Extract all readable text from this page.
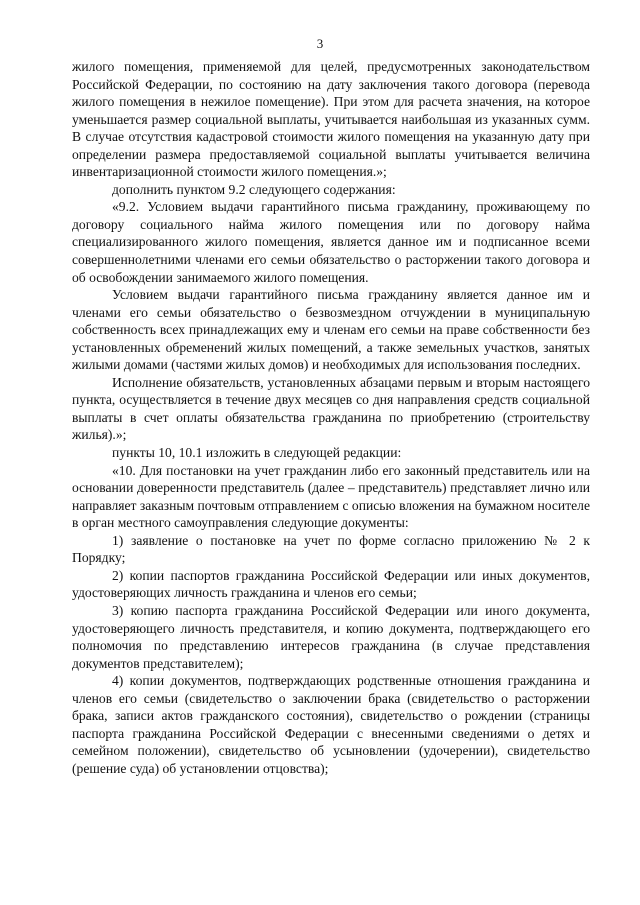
3

жилого помещения, применяемой для целей, предусмотренных законодательством Российской Федерации, по состоянию на дату заключения такого договора (перевода жилого помещения в нежилое помещение). При этом для расчета значения, на которое уменьшается размер социальной выплаты, учитывается наибольшая из указанных сумм. В случае отсутствия кадастровой стоимости жилого помещения на указанную дату при определении размера предоставляемой социальной выплаты учитывается величина инвентаризационной стоимости жилого помещения.»;

дополнить пунктом 9.2 следующего содержания:

«9.2. Условием выдачи гарантийного письма гражданину, проживающему по договору социального найма жилого помещения или по договору найма специализированного жилого помещения, является данное им и подписанное всеми совершеннолетними членами его семьи обязательство о расторжении такого договора и об освобождении занимаемого жилого помещения.

Условием выдачи гарантийного письма гражданину является данное им и членами его семьи обязательство о безвозмездном отчуждении в муниципальную собственность всех принадлежащих ему и членам его семьи на праве собственности без установленных обременений жилых помещений, а также земельных участков, занятых жилыми домами (частями жилых домов) и необходимых для использования последних.

Исполнение обязательств, установленных абзацами первым и вторым настоящего пункта, осуществляется в течение двух месяцев со дня направления средств социальной выплаты в счет оплаты обязательства гражданина по приобретению (строительству жилья).»;

пункты 10, 10.1 изложить в следующей редакции:

«10. Для постановки на учет гражданин либо его законный представитель или на основании доверенности представитель (далее – представитель) представляет лично или направляет заказным почтовым отправлением с описью вложения на бумажном носителе в орган местного самоуправления следующие документы:

1) заявление о постановке на учет по форме согласно приложению № 2 к Порядку;

2) копии паспортов гражданина Российской Федерации или иных документов, удостоверяющих личность гражданина и членов его семьи;

3) копию паспорта гражданина Российской Федерации или иного документа, удостоверяющего личность представителя, и копию документа, подтверждающего его полномочия по представлению интересов гражданина (в случае представления документов представителем);

4) копии документов, подтверждающих родственные отношения гражданина и членов его семьи (свидетельство о заключении брака (свидетельство о расторжении брака, записи актов гражданского состояния), свидетельство о рождении (страницы паспорта гражданина Российской Федерации с внесенными сведениями о детях и семейном положении), свидетельство об усыновлении (удочерении), свидетельство (решение суда) об установлении отцовства);
